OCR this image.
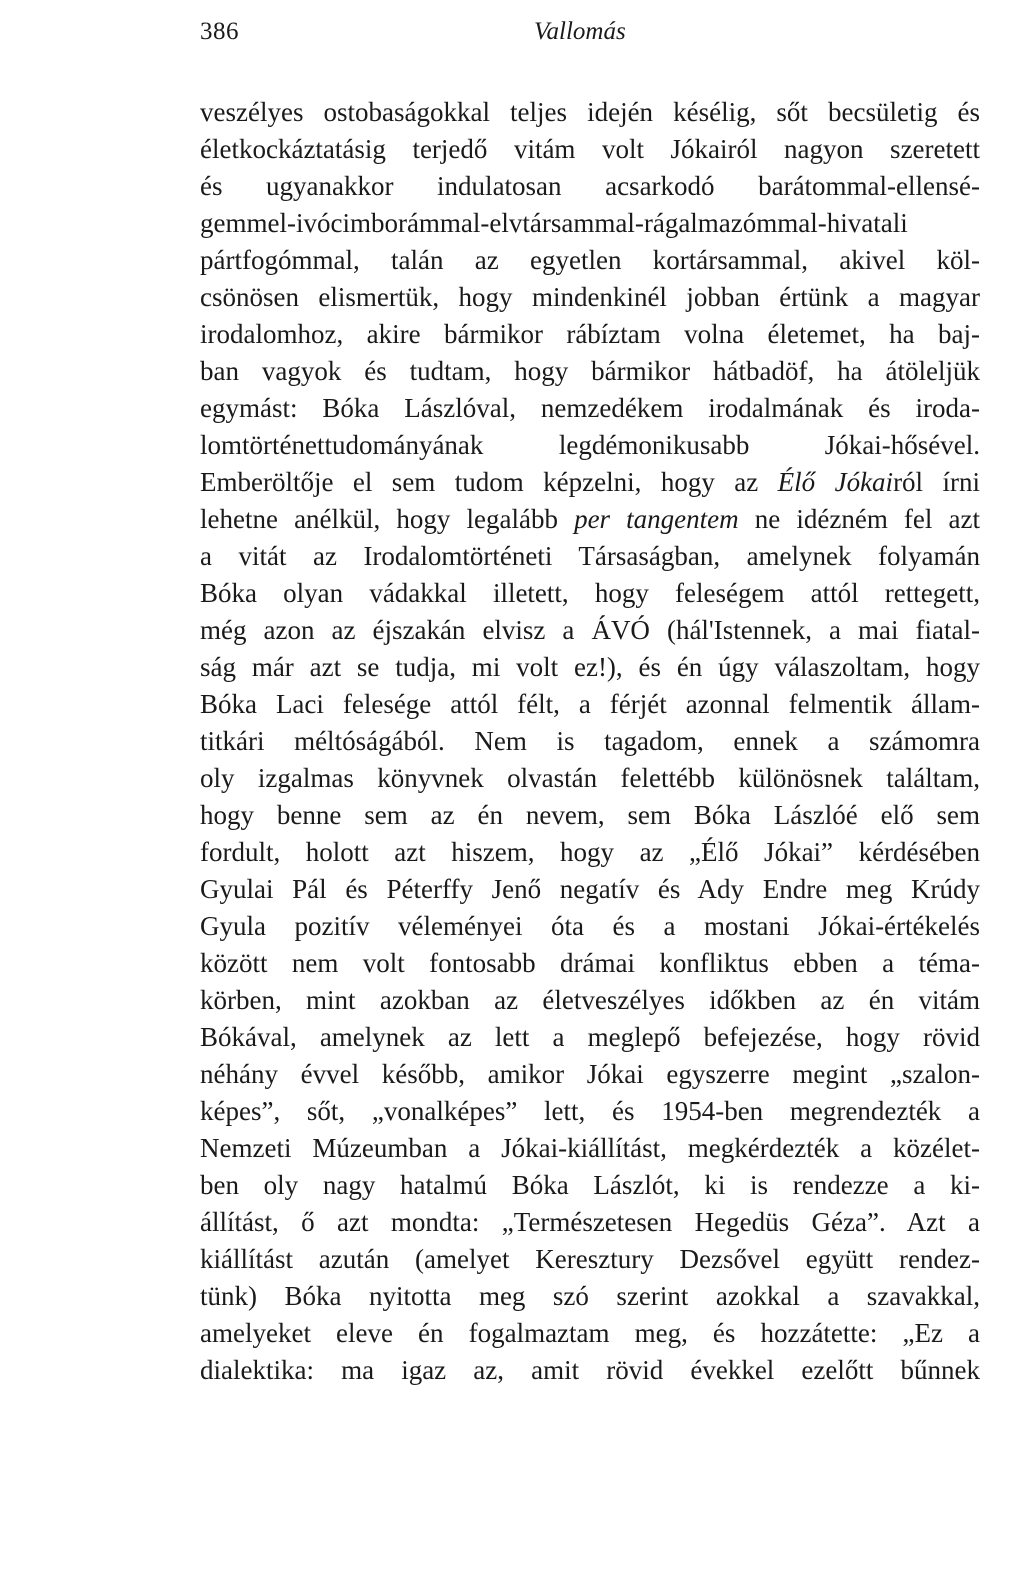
386	Vallomás
veszélyes ostobaságokkal teljes idején késélig, sőt becsületig és
életkockáztatásig terjedő vitám volt Jókairól nagyon szeretett
és ugyanakkor indulatosan acsarkodó barátommal-ellensé-
gemmel-ivócimborámmal-elvtársammal-rágalmazómmal-hivatali
pártfogómmal, talán az egyetlen kortársammal, akivel köl-
csönösen elismertük, hogy mindenkinél jobban értünk a magyar
irodalomhoz, akire bármikor rábíztam volna életemet, ha baj-
ban vagyok és tudtam, hogy bármikor hátbadöf, ha átöleljük
egymást: Bóka Lászlóval, nemzedékem irodalmának és iroda-
lomtörténettudományának legdémonikusabb Jókai-hősével.
Emberöltője el sem tudom képzelni, hogy az Élő Jókairól írni
lehetne anélkül, hogy legalább per tangentem ne idézném fel azt
a vitát az Irodalomtörténeti Társaságban, amelynek folyamán
Bóka olyan vádakkal illetett, hogy feleségem attól rettegett,
még azon az éjszakán elvisz a ÁVÓ (hál'Istennek, a mai fiatal-
ság már azt se tudja, mi volt ez!), és én úgy válaszoltam, hogy
Bóka Laci felesége attól félt, a férjét azonnal felmentik állam-
titkári méltóságából. Nem is tagadom, ennek a számomra
oly izgalmas könyvnek olvastán felettébb különösnek találtam,
hogy benne sem az én nevem, sem Bóka Lászlóé elő sem
fordult, holott azt hiszem, hogy az „Élő Jókai” kérdésében
Gyulai Pál és Péterffy Jenő negatív és Ady Endre meg Krúdy
Gyula pozitív véleményei óta és a mostani Jókai-értékelés
között nem volt fontosabb drámai konfliktus ebben a téma-
körben, mint azokban az életveszélyes időkben az én vitám
Bókával, amelynek az lett a meglepő befejezése, hogy rövid
néhány évvel később, amikor Jókai egyszerre megint „szalon-
képes”, sőt, „vonalképes” lett, és 1954-ben megrendezték a
Nemzeti Múzeumban a Jókai-kiállítást, megkérdezték a közélet-
ben oly nagy hatalmú Bóka Lászlót, ki is rendezze a ki-
állítást, ő azt mondta: „Természetesen Hegedüs Géza”. Azt a
kiállítást azután (amelyet Keresztury Dezsővel együtt rendez-
tünk) Bóka nyitotta meg szó szerint azokkal a szavakkal,
amelyeket eleve én fogalmaztam meg, és hozzátette: „Ez a
dialektika: ma igaz az, amit rövid évekkel ezelőtt bűnnek
